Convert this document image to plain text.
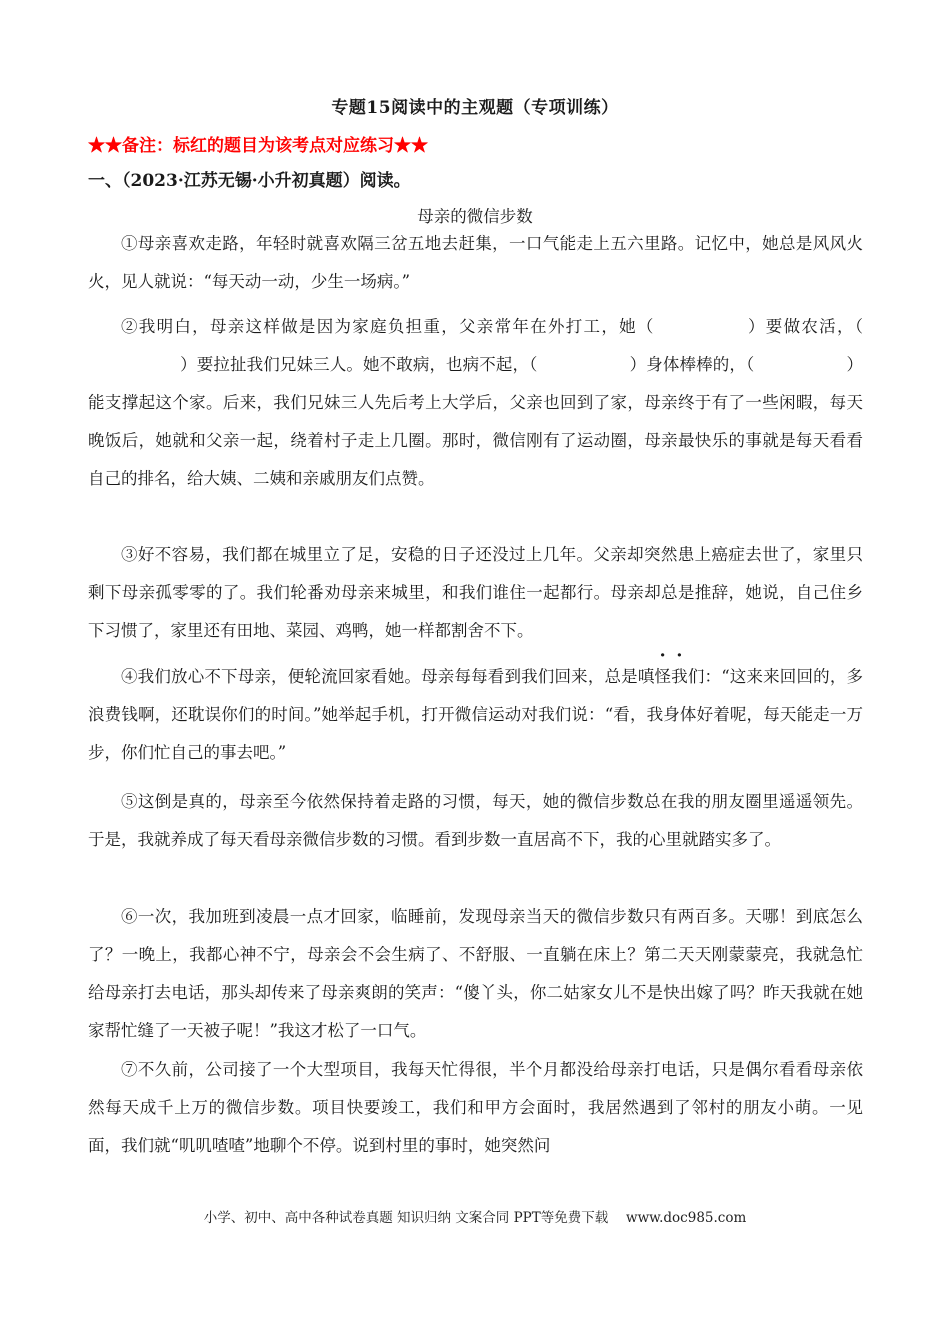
专题15阅读中的主观题（专项训练）
★★备注：标红的题目为该考点对应练习★★
一、（2023·江苏无锡·小升初真题）阅读。
母亲的微信步数

①母亲喜欢走路，年轻时就喜欢隔三岔五地去赶集，一口气能走上五六里路。记忆中，她总是风风火火，见人就说：“每天动一动，少生一场病。”

②我明白，母亲这样做是因为家庭负担重，父亲常年在外打工，她（	）要做农活，（）要拉扯我们兄妹三人。她不敢病，也病不起，（	）身体棒棒的，（	）能支撑起这个家。后来，我们兄妹三人先后考上大学后，父亲也回到了家，母亲终于有了一些闲暇，每天晚饭后，她就和父亲一起，绕着村子走上几圈。那时，微信刚有了运动圈，母亲最快乐的事就是每天看看自己的排名，给大姨、二姨和亲戚朋友们点赞。

③好不容易，我们都在城里立了足，安稳的日子还没过上几年。父亲却突然患上癌症去世了，家里只剩下母亲孤零零的了。我们轮番劝母亲来城里，和我们谁住一起都行。母亲却总是推辞，她说，自己住乡下习惯了，家里还有田地、菜园、鸡鸭，她一样都割舍不下。

④我们放心不下母亲，便轮流回家看她。母亲每每看到我们回来，总是嗔怪我们：“这来来回回的，多浪费钱啊，还耽误你们的时间。”她举起手机，打开微信运动对我们说：“看，我身体好着呢，每天能走一万步，你们忙自己的事去吧。”

⑤这倒是真的，母亲至今依然保持着走路的习惯，每天，她的微信步数总在我的朋友圈里遥遥领先。于是，我就养成了每天看母亲微信步数的习惯。看到步数一直居高不下，我的心里就踏实多了。

⑥一次，我加班到凌晨一点才回家，临睡前，发现母亲当天的微信步数只有两百多。天哪！到底怎么了？一晚上，我都心神不宁，母亲会不会生病了、不舒服、一直躺在床上？第二天天刚蒙蒙亮，我就急忙给母亲打去电话，那头却传来了母亲爽朗的笑声：“傻丫头，你二姑家女儿不是快出嫁了吗？昨天我就在她家帮忙缝了一天被子呢！”我这才松了一口气。

⑦不久前，公司接了一个大型项目，我每天忙得很，半个月都没给母亲打电话，只是偶尔看看母亲依然每天成千上万的微信步数。项目快要竣工，我们和甲方会面时，我居然遇到了邻村的朋友小萌。一见面，我们就“叽叽喳喳”地聊个不停。说到村里的事时，她突然问

小学、初中、高中各种试卷真题 知识归纳 文案合同 PPT等免费下载　 www.doc985.com
